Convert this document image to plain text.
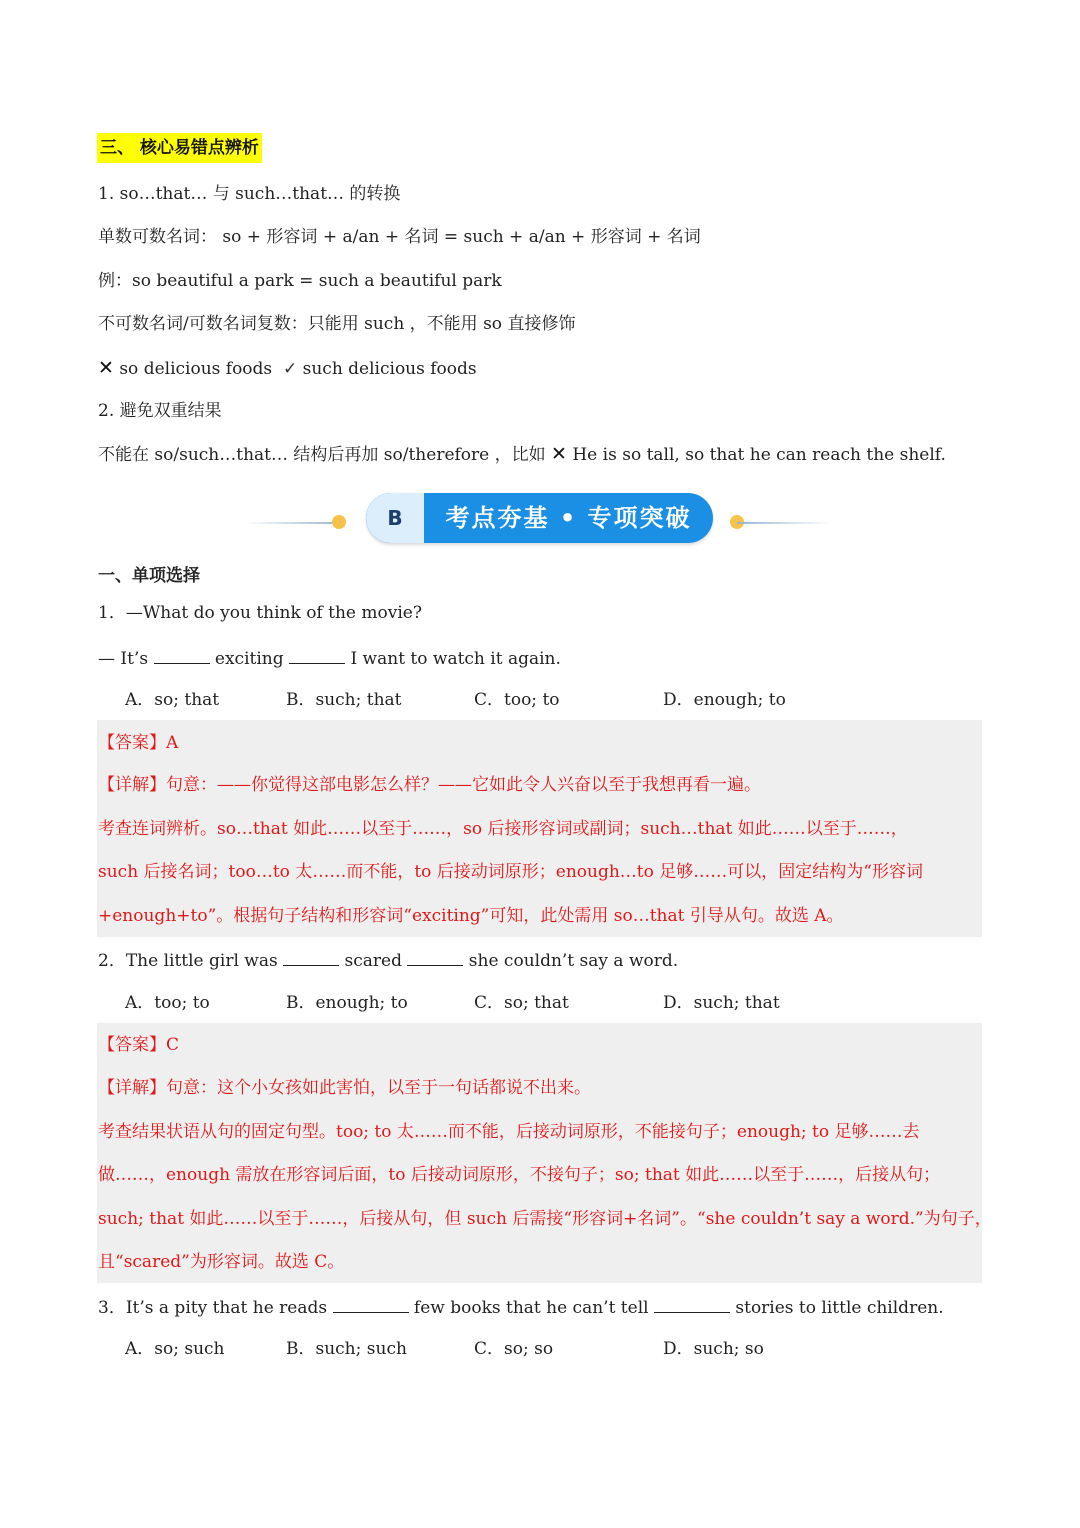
三、 核心易错点辨析
1. so…that… 与 such…that… 的转换
单数可数名词： so + 形容词 + a/an + 名词 = such + a/an + 形容词 + 名词
例：so beautiful a park = such a beautiful park
不可数名词/可数名词复数：只能用 such ，不能用 so 直接修饰
✕ so delicious foods ✓ such delicious foods
2. 避免双重结果
不能在 so/such…that… 结构后再加 so/therefore ，比如 ✕ He is so tall, so that he can reach the shelf.
B	考点夯基 • 专项突破
一、单项选择
1．—What do you think of the movie?
— It’s	exciting	I want to watch it again.
A．so; that	B．such; that	C．too; to	D．enough; to
【答案】A
【详解】句意：——你觉得这部电影怎么样？——它如此令人兴奋以至于我想再看一遍。
考查连词辨析。so…that 如此……以至于……，so 后接形容词或副词；such…that 如此……以至于……，
such 后接名词；too…to 太……而不能，to 后接动词原形；enough…to 足够……可以，固定结构为“形容词
+enough+to”。根据句子结构和形容词“exciting”可知，此处需用 so…that 引导从句。故选 A。
2．The little girl was	scared	she couldn’t say a word.
A．too; to	B．enough; to	C．so; that	D．such; that
【答案】C
【详解】句意：这个小女孩如此害怕，以至于一句话都说不出来。
考查结果状语从句的固定句型。too; to 太……而不能，后接动词原形，不能接句子；enough; to 足够……去
做……，enough 需放在形容词后面，to 后接动词原形，不接句子；so; that 如此……以至于……，后接从句；
such; that 如此……以至于……，后接从句，但 such 后需接“形容词+名词”。“she couldn’t say a word.”为句子，
且“scared”为形容词。故选 C。
3．It’s a pity that he reads	few books that he can’t tell	stories to little children.
A．so; such	B．such; such	C．so; so	D．such; so
